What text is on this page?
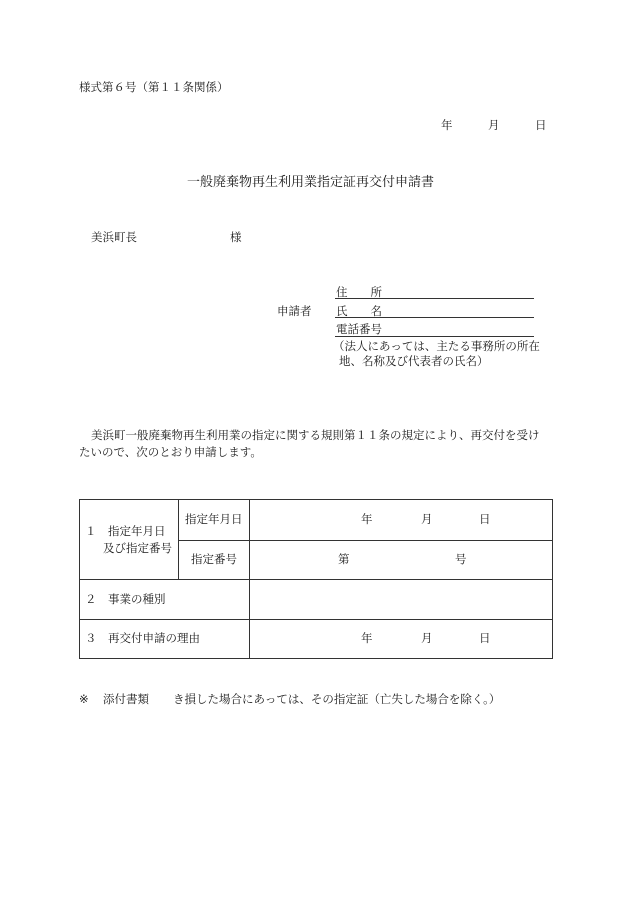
様式第６号（第１１条関係）
年	月	日
一般廃棄物再生利用業指定証再交付申請書
美浜町長	様
申請者
住　　所
氏　　名
電話番号
（法人にあっては、主たる事務所の所在
地、名称及び代表者の氏名）
美浜町一般廃棄物再生利用業の指定に関する規則第１１条の規定により、再交付を受け
たいので、次のとおり申請します。
１　指定年月日
及び指定番号	指定年月日	年 月 日

	指定番号	第 号

２　事業の種別		

３　再交付申請の理由		年 月 日
※ 添付書類 き損した場合にあっては、その指定証（亡失した場合を除く。）
